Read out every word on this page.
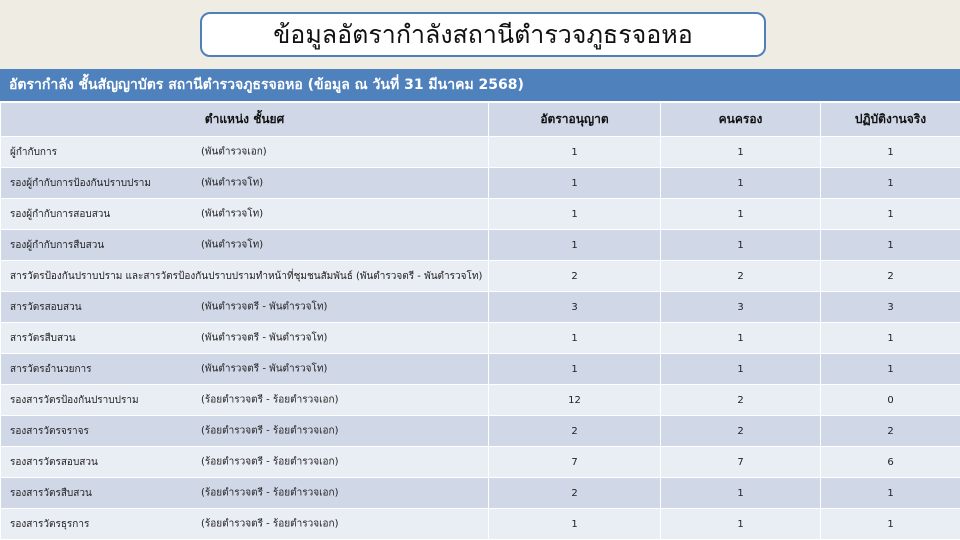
ข้อมูลอัตรากำลังสถานีตำรวจภูธรจอหอ
อัตรากำลัง ชั้นสัญญาบัตร สถานีตำรวจภูธรจอหอ (ข้อมูล ณ วันที่ 31 มีนาคม 2568)
ตำแหน่ง ชั้นยศ	อัตราอนุญาต	คนครอง	ปฏิบัติงานจริง
ผู้กำกับการ (พันตำรวจเอก)	1	1	1
รองผู้กำกับการป้องกันปราบปราม (พันตำรวจโท)	1	1	1
รองผู้กำกับการสอบสวน (พันตำรวจโท)	1	1	1
รองผู้กำกับการสืบสวน (พันตำรวจโท)	1	1	1
สารวัตรป้องกันปราบปราม และสารวัตรป้องกันปราบปรามทำหน้าที่ชุมชนสัมพันธ์ (พันตำรวจตรี - พันตำรวจโท)	2	2	2
สารวัตรสอบสวน (พันตำรวจตรี - พันตำรวจโท)	3	3	3
สารวัตรสืบสวน (พันตำรวจตรี - พันตำรวจโท)	1	1	1
สารวัตรอำนวยการ (พันตำรวจตรี - พันตำรวจโท)	1	1	1
รองสารวัตรป้องกันปราบปราม (ร้อยตำรวจตรี - ร้อยตำรวจเอก)	12	2	0
รองสารวัตรจราจร (ร้อยตำรวจตรี - ร้อยตำรวจเอก)	2	2	2
รองสารวัตรสอบสวน (ร้อยตำรวจตรี - ร้อยตำรวจเอก)	7	7	6
รองสารวัตรสืบสวน (ร้อยตำรวจตรี - ร้อยตำรวจเอก)	2	1	1
รองสารวัตรธุรการ (ร้อยตำรวจตรี - ร้อยตำรวจเอก)	1	1	1
